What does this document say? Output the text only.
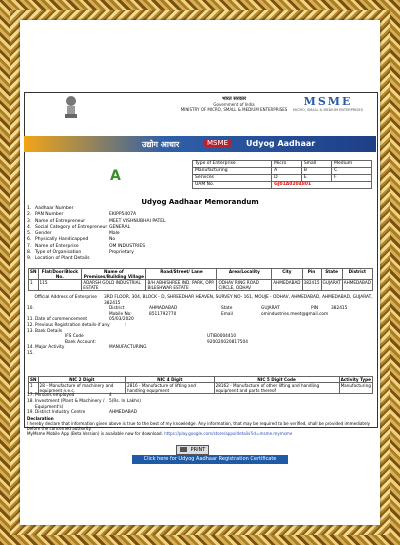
भारत सरकार
Government of India
MINISTRY OF MICRO, SMALL & MEDIUM ENTERPRISES
MSME
MICRO, SMALL & MEDIUM ENTERPRISES
उद्योग आधार	MSME	Udyog Aadhaar
A
Type of Enterprise	Micro	Small	Medium
Manufacturing	A	B	C
Services	D	E	F
UAM No.	GJ01A0204801		
Udyog Aadhaar Memorandum
1. Aadhaar Number
2. PAN Number	EKIPP5407A
3. Name of Entrepreneur	MEET VISHNUBHAI PATEL
4. Social Category of Entrepreneur GENERAL
5. Gender	Male
6. Physically Handicapped	No
7. Name of Enterprise	OM INDUSTRIES
8. Type of Organisation	Proprietary
9. Location of Plant Details
SN	Flat/Door/Block No.	Name of Premises/Building Village	Road/Street/ Lane	Area/Locality	City	Pin	State	District
1	115	ADARSH GOLD INDUSTRIAL ESTATE	B/H ABHISHREE IND. PARK, OPP. BILESHWAR ESTATE	ODHAV RING ROAD CIRCLE, ODHAV	AHMEDABAD	382415	GUJARAT	AHMEDABAD
Official Address of Enterprise	3RD FLOOR, 304, BLOCK - D, SHREEDHAR HEAVEN, SURVEY NO- 161, MOUJE - ODHAV, AHMEDABAD, AHMEDABAD, GUJARAT, 382415
10.	District	AHMADABAD	State	GUJARAT	PIN	382415
Mobile No:	8511792770	Email	omindustries.meet@gmail.com
11. Date of commencement	05/03/2020
12. Previous Registration details-if any	:
13. Bank Details
IFS Code	UTIB0004410
Bank Account:	920020020817504
14. Major Activity	MANUFACTURING
15.
SN	NIC 2 Digit	NIC 4 Digit	NIC 5 Digit Code	Activity Type
1	28 - Manufacture of machinery and equipment n.e.c.	2816 - Manufacture of lifting and handling equipment	28162 - Manufacture of other lifting and handling equipment and parts thereof	Manufacturing
17. Persons employed	4
18. Investment (Plant & Machinery / Equipment's)
5(Rs. In Lakhs)
19. District Industry Centre	AHMEDABAD
Declaration
I hereby declare that information given above is true to the best of my knowledge. Any information, that may be required to be verified, shall be provided immediately before the concerned authority.
MyMsme Mobile App (Beta Version) is available now for download. https://play.google.com/store/apps/details?id=msme.mymsme
PRINT
Click here for Udyog Aadhaar Registration Certificate
